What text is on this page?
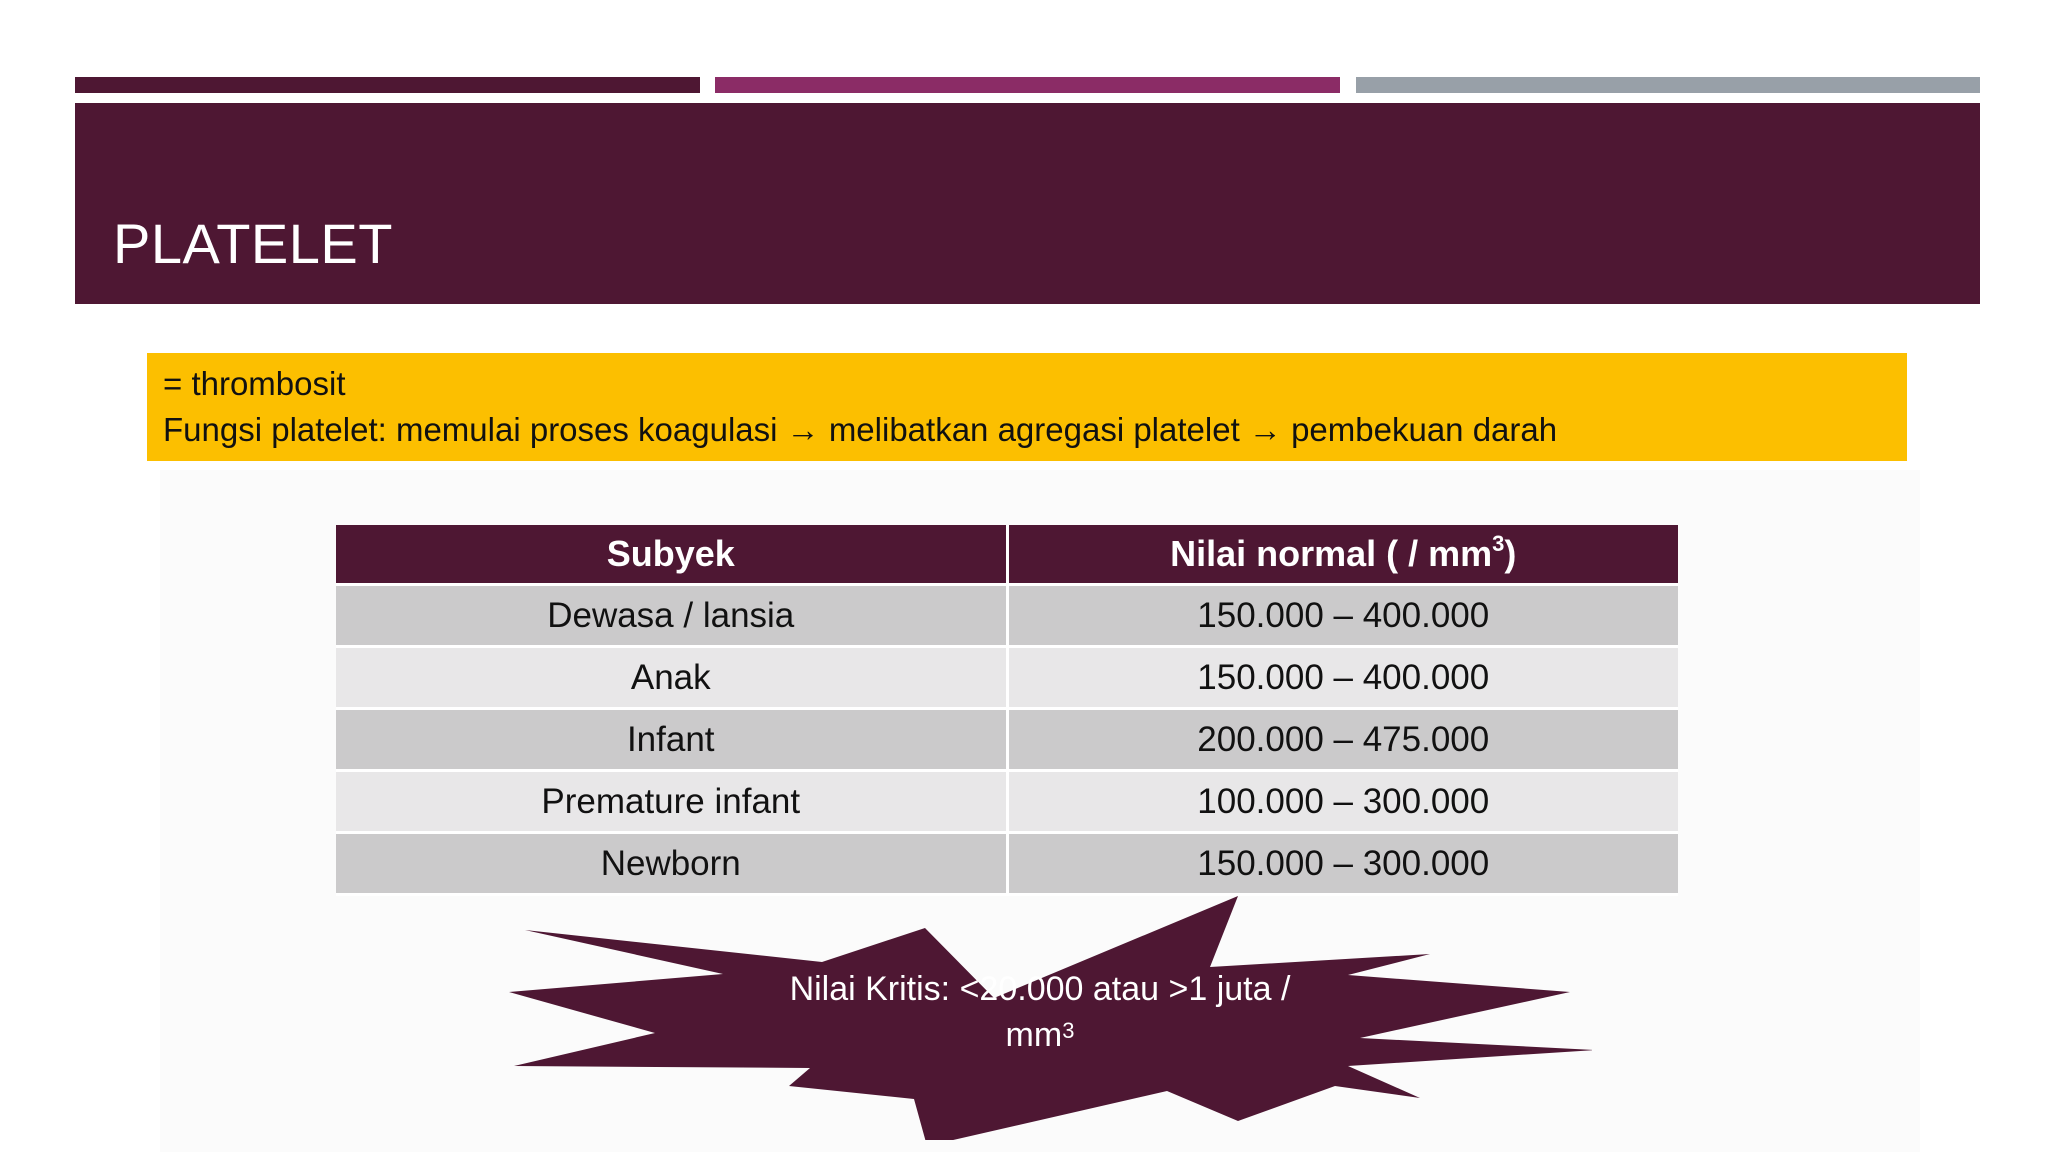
PLATELET
= thrombosit
Fungsi platelet: memulai proses koagulasi → melibatkan agregasi platelet → pembekuan darah
Subyek	Nilai normal ( / $mm^3$)
Dewasa / lansia	150.000 – 400.000
Anak	150.000 – 400.000
Infant	200.000 – 475.000
Premature infant	100.000 – 300.000
Newborn	150.000 – 300.000
Nilai Kritis: <20.000 atau >1 juta /
$mm^3$
